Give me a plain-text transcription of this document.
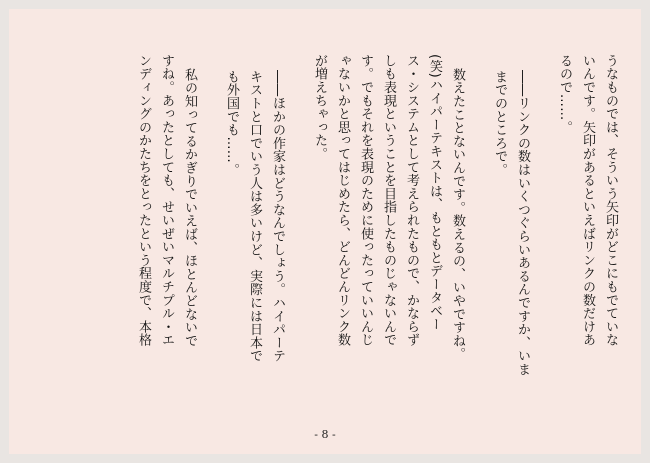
うなものでは、そういう矢印がどこにもでていな
いんです。矢印があるといえばリンクの数だけあ
るので……。
――リンクの数はいくつぐらいあるんですか、いま
までのところで。
数えたことないんです。数えるの、いやですね。
(笑)ハイパーテキストは、もともとデータベー
ス・システムとして考えられたもので、かならず
しも表現ということを目指したものじゃないんで
す。でもそれを表現のために使ったっていいんじ
ゃないかと思ってはじめたら、どんどんリンク数
が増えちゃった。
――ほかの作家はどうなんでしょう。ハイパーテ
キストと口でいう人は多いけど、実際には日本で
も外国でも……。
私の知ってるかぎりでいえば、ほとんどないで
すね。あったとしても、せいぜいマルチプル・エ
ンディングのかたちをとったという程度で、本格
- 8 -
